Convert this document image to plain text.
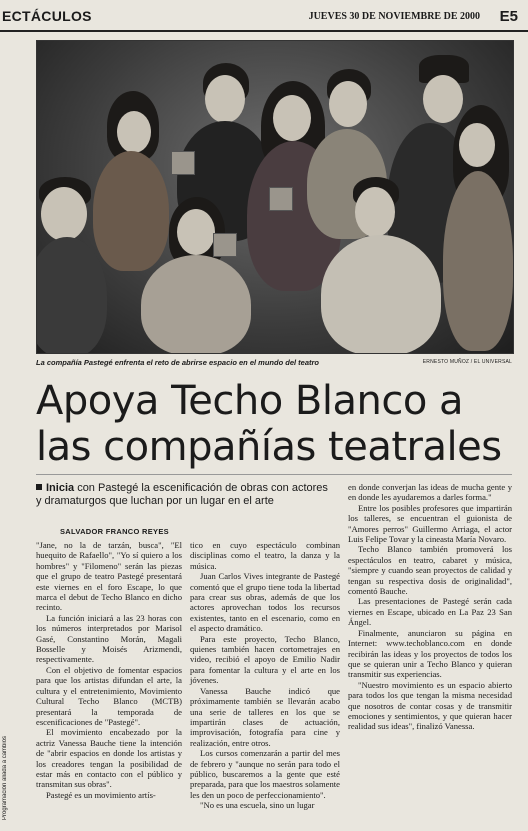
ECTÁCULOS	JUEVES 30 DE NOVIEMBRE DE 2000 E5
La compañía Pastegé enfrenta el reto de abrirse espacio en el mundo del teatro	ERNESTO MUÑOZ / EL UNIVERSAL
Apoya Techo Blanco a
las compañías teatrales
Inicia con Pastegé la escenificación de obras con actores y dramaturgos que luchan por un lugar en el arte
SALVADOR FRANCO REYES

"Jane, no la de tarzán, busca", "El huequito de Rafaello", "Yo sí quiero a los hombres" y "Filomeno" serán las piezas que el grupo de teatro Pastegé presentará este viernes en el foro Escape, lo que marca el debut de Techo Blanco en dicho recinto.

La función iniciará a las 23 horas con los números interpretados por Marisol Gasé, Constantino Morán, Magali Bosselle y Moisés Arizmendi, respectivamente.

Con el objetivo de fomentar espacios para que los artistas difundan el arte, la cultura y el entretenimiento, Movimiento Cultural Techo Blanco (MCTB) presentará la temporada de escenificaciones de "Pastegé".

El movimiento encabezado por la actriz Vanessa Bauche tiene la intención de "abrir espacios en donde los artistas y los creadores tengan la posibilidad de estar más en contacto con el público y transmitan sus obras".

Pastegé es un movimiento artís-

tico en cuyo espectáculo combinan disciplinas como el teatro, la danza y la música.

Juan Carlos Vives integrante de Pastegé comentó que el grupo tiene toda la libertad para crear sus obras, además de que los actores aprovechan todos los recursos existentes, tanto en el escenario, como en el aspecto dramático.

Para este proyecto, Techo Blanco, quienes también hacen cortometrajes en video, recibió el apoyo de Emilio Nadir para fomentar la cultura y el arte en los jóvenes.

Vanessa Bauche indicó que próximamente también se llevarán acabo una serie de talleres en los que se impartirán clases de actuación, improvisación, fotografía para cine y realización, entre otros.

Los cursos comenzarán a partir del mes de febrero y "aunque no serán para todo el público, buscaremos a la gente que esté preparada, para que los maestros solamente les den un poco de perfeccionamiento".

"No es una escuela, sino un lugar

en donde converjan las ideas de mucha gente y en donde les ayudaremos a darles forma."

Entre los posibles profesores que impartirán los talleres, se encuentran el guionista de "Amores perros" Guillermo Arriaga, el actor Luis Felipe Tovar y la cineasta María Novaro.

Techo Blanco también promoverá los espectáculos en teatro, cabaret y música, "siempre y cuando sean proyectos de calidad y tengan su respectiva dosis de originalidad", comentó Bauche.

Las presentaciones de Pastegé serán cada viernes en Escape, ubicado en La Paz 23 San Ángel.

Finalmente, anunciaron su página en Internet: www.techoblanco.com en donde recibirán las ideas y los proyectos de todos los que se quieran unir a Techo Blanco y quieran transmitir sus experiencias.

"Nuestro movimiento es un espacio abierto para todos los que tengan la misma necesidad que nosotros de contar cosas y de transmitir emociones y sentimientos, y que quieran hacer realidad sus ideas", finalizó Vanessa.

Programación aliada a cambios
